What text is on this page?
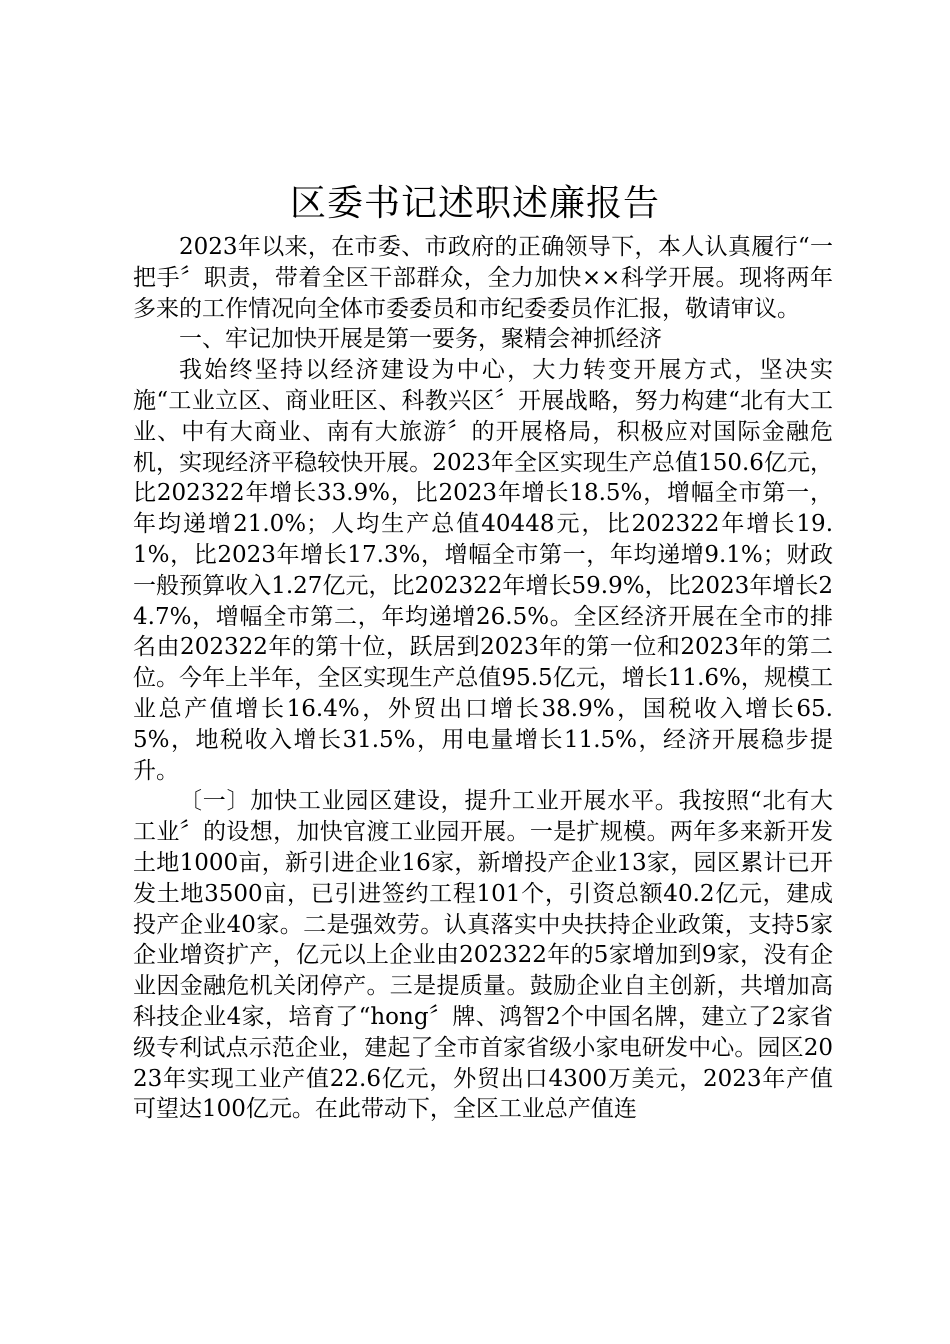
区委书记述职述廉报告

2023年以来，在市委、市政府的正确领导下，本人认真履行“一把手〞职责，带着全区干部群众，全力加快××科学开展。现将两年多来的工作情况向全体市委委员和市纪委委员作汇报，敬请审议。

一、牢记加快开展是第一要务，聚精会神抓经济

我始终坚持以经济建设为中心，大力转变开展方式，坚决实施“工业立区、商业旺区、科教兴区〞开展战略，努力构建“北有大工业、中有大商业、南有大旅游〞的开展格局，积极应对国际金融危机，实现经济平稳较快开展。2023年全区实现生产总值150.6亿元，比202322年增长33.9%，比2023年增长18.5%，增幅全市第一，年均递增21.0%；人均生产总值40448元，比202322年增长19.1%，比2023年增长17.3%，增幅全市第一，年均递增9.1%；财政一般预算收入1.27亿元，比202322年增长59.9%，比2023年增长24.7%，增幅全市第二，年均递增26.5%。全区经济开展在全市的排名由202322年的第十位，跃居到2023年的第一位和2023年的第二位。今年上半年，全区实现生产总值95.5亿元，增长11.6%，规模工业总产值增长16.4%，外贸出口增长38.9%，国税收入增长65.5%，地税收入增长31.5%，用电量增长11.5%，经济开展稳步提升。

〔一〕加快工业园区建设，提升工业开展水平。我按照“北有大工业〞的设想，加快官渡工业园开展。一是扩规模。两年多来新开发土地1000亩，新引进企业16家，新增投产企业13家，园区累计已开发土地3500亩，已引进签约工程101个，引资总额40.2亿元，建成投产企业40家。二是强效劳。认真落实中央扶持企业政策，支持5家企业增资扩产，亿元以上企业由202322年的5家增加到9家，没有企业因金融危机关闭停产。三是提质量。鼓励企业自主创新，共增加高科技企业4家，培育了“hong〞牌、鸿智2个中国名牌，建立了2家省级专利试点示范企业，建起了全市首家省级小家电研发中心。园区2023年实现工业产值22.6亿元，外贸出口4300万美元，2023年产值可望达100亿元。在此带动下，全区工业总产值连
